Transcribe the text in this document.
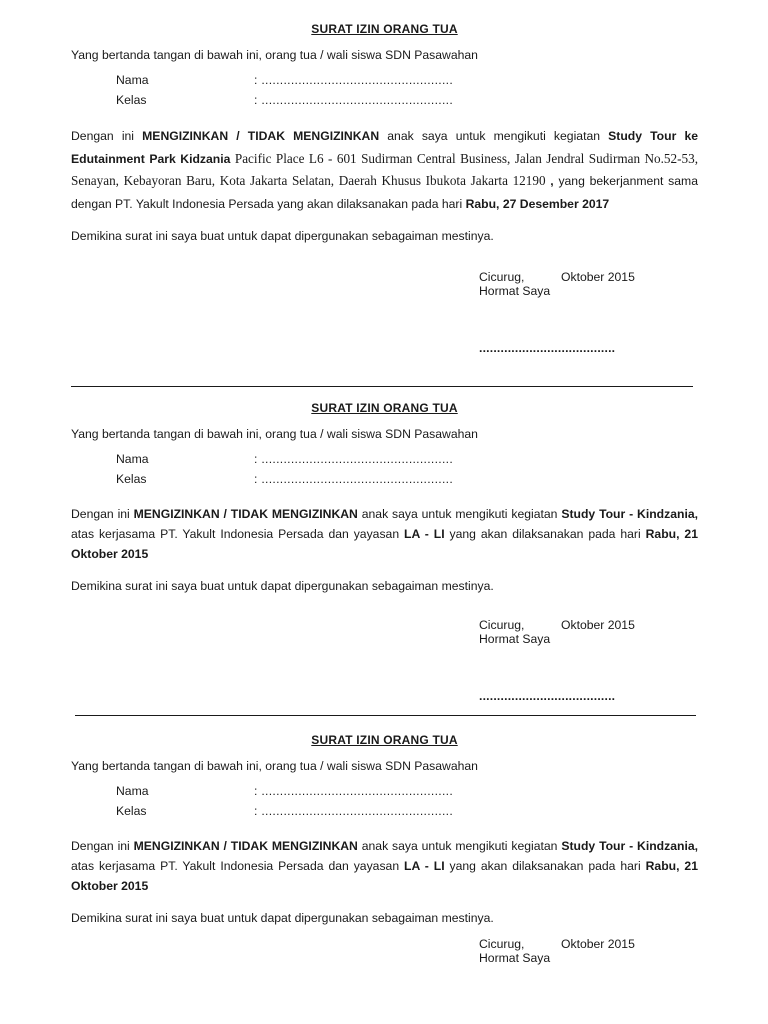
SURAT IZIN ORANG TUA
Yang bertanda tangan di bawah ini, orang tua / wali siswa SDN Pasawahan
Nama	: ....................................................
Kelas	: ....................................................
Dengan ini MENGIZINKAN / TIDAK MENGIZINKAN anak saya untuk mengikuti kegiatan Study Tour ke Edutainment Park Kidzania Pacific Place L6 - 601 Sudirman Central Business, Jalan Jendral Sudirman No.52-53, Senayan, Kebayoran Baru, Kota Jakarta Selatan, Daerah Khusus Ibukota Jakarta 12190 , yang bekerjanment sama dengan PT. Yakult Indonesia Persada yang akan dilaksanakan pada hari Rabu, 27 Desember 2017
Demikina surat ini saya buat untuk dapat dipergunakan sebagaiman mestinya.
Cicurug,	Oktober 2015
Hormat Saya
......................................
SURAT IZIN ORANG TUA
Yang bertanda tangan di bawah ini, orang tua / wali siswa SDN Pasawahan
Nama	: ....................................................
Kelas	: ....................................................
Dengan ini MENGIZINKAN / TIDAK MENGIZINKAN anak saya untuk mengikuti kegiatan Study Tour - Kindzania, atas kerjasama PT. Yakult Indonesia Persada dan yayasan LA - LI yang akan dilaksanakan pada hari Rabu, 21 Oktober 2015
Demikina surat ini saya buat untuk dapat dipergunakan sebagaiman mestinya.
Cicurug,	Oktober 2015
Hormat Saya
......................................
SURAT IZIN ORANG TUA
Yang bertanda tangan di bawah ini, orang tua / wali siswa SDN Pasawahan
Nama	: ....................................................
Kelas	: ....................................................
Dengan ini MENGIZINKAN / TIDAK MENGIZINKAN anak saya untuk mengikuti kegiatan Study Tour - Kindzania, atas kerjasama PT. Yakult Indonesia Persada dan yayasan LA - LI yang akan dilaksanakan pada hari Rabu, 21 Oktober 2015
Demikina surat ini saya buat untuk dapat dipergunakan sebagaiman mestinya.
Cicurug,	Oktober 2015
Hormat Saya
